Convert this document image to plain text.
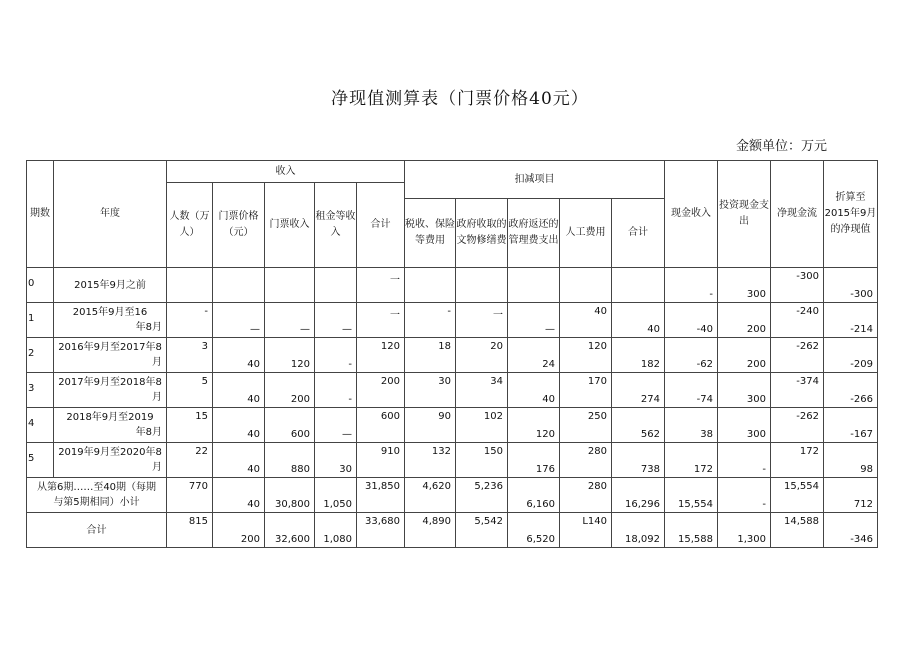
净现值测算表（门票价格40元）
金额单位：万元
期数	年度	收入					扣减项目					现金收入	投资现金支出	净现金流	折算至2015年9月的净现值
		人数（万人）	门票价格（元）	门票收入	租金等收入	合计									
							税收、保险等费用	政府收取的文物修缮费	政府返还的管理费支出	人工费用	合计				

0	2015年9月之前					一						-	300	-300	-300

1	2015年9月至16
年8月	-	—	—	—	一	-	一	—	40	40	-40	200	-240	-214

2	2016年9月至2017年8
月	3	40	120	-	120	18	20	24	120	182	-62	200	-262	-209

3	2017年9月至2018年8
月	5	40	200	-	200	30	34	40	170	274	-74	300	-374	-266

4	2018年9月至2019
年8月	15	40	600	—	600	90	102	120	250	562	38	300	-262	-167

5	2019年9月至2020年8
月	22	40	880	30	910	132	150	176	280	738	172	-	172	98

从第6期……至40期（每期
与第5期相同）小计		770	40	30,800	1,050	31,850	4,620	5,236	6,160	280	16,296	15,554	-	15,554	712

合计		815	200	32,600	1,080	33,680	4,890	5,542	6,520	L140	18,092	15,588	1,300	14,588	-346
